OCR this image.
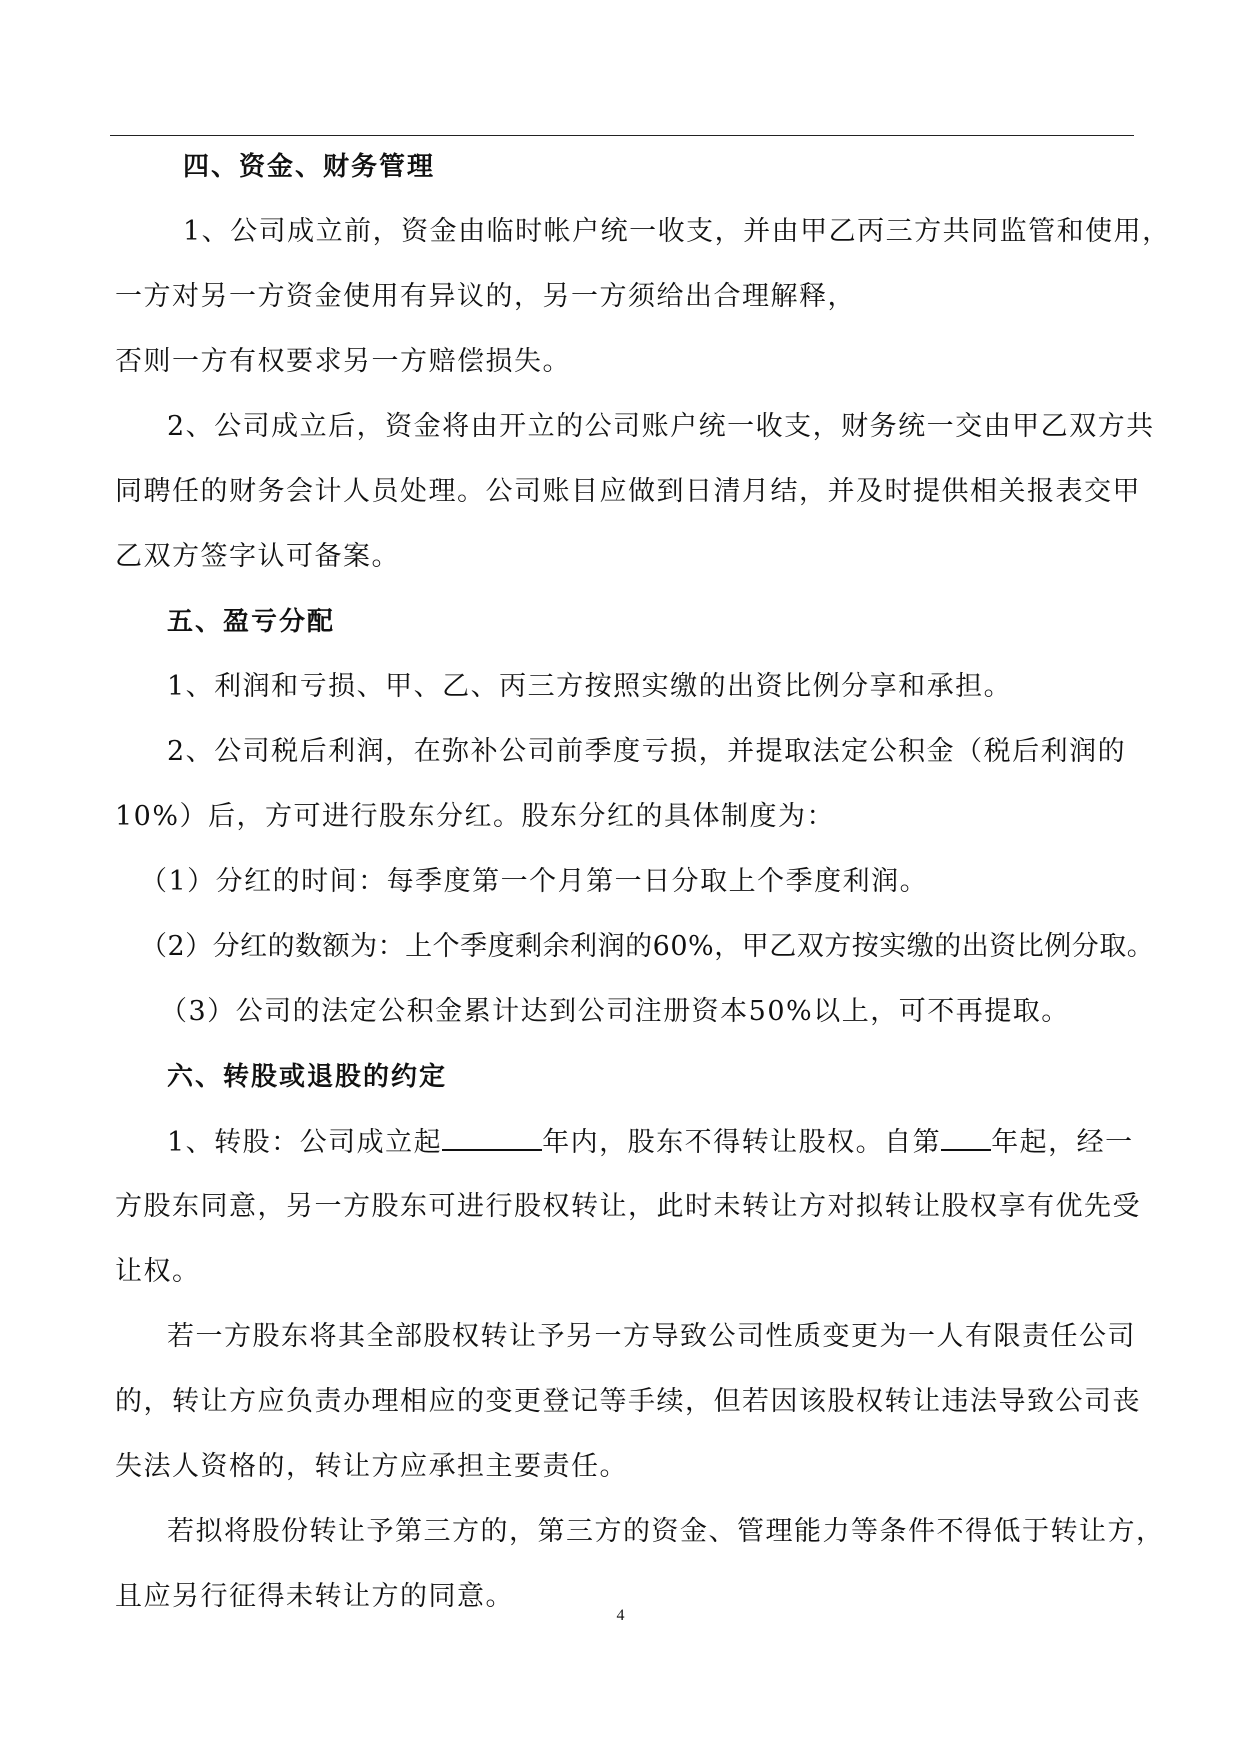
四、资金、财务管理
1、公司成立前，资金由临时帐户统一收支，并由甲乙丙三方共同监管和使用，
一方对另一方资金使用有异议的，另一方须给出合理解释，
否则一方有权要求另一方赔偿损失。
2、公司成立后，资金将由开立的公司账户统一收支，财务统一交由甲乙双方共
同聘任的财务会计人员处理。公司账目应做到日清月结，并及时提供相关报表交甲
乙双方签字认可备案。
五、盈亏分配
1、利润和亏损、甲、乙、丙三方按照实缴的出资比例分享和承担。
2、公司税后利润，在弥补公司前季度亏损，并提取法定公积金（税后利润的
10%）后，方可进行股东分红。股东分红的具体制度为：
（1）分红的时间：每季度第一个月第一日分取上个季度利润。
（2）分红的数额为：上个季度剩余利润的60%，甲乙双方按实缴的出资比例分取。
（3）公司的法定公积金累计达到公司注册资本50%以上，可不再提取。
六、转股或退股的约定
1、转股：公司成立起	年内，股东不得转让股权。自第 年起，经一
方股东同意，另一方股东可进行股权转让，此时未转让方对拟转让股权享有优先受
让权。
若一方股东将其全部股权转让予另一方导致公司性质变更为一人有限责任公司
的，转让方应负责办理相应的变更登记等手续，但若因该股权转让违法导致公司丧
失法人资格的，转让方应承担主要责任。
若拟将股份转让予第三方的，第三方的资金、管理能力等条件不得低于转让方，
且应另行征得未转让方的同意。
4
